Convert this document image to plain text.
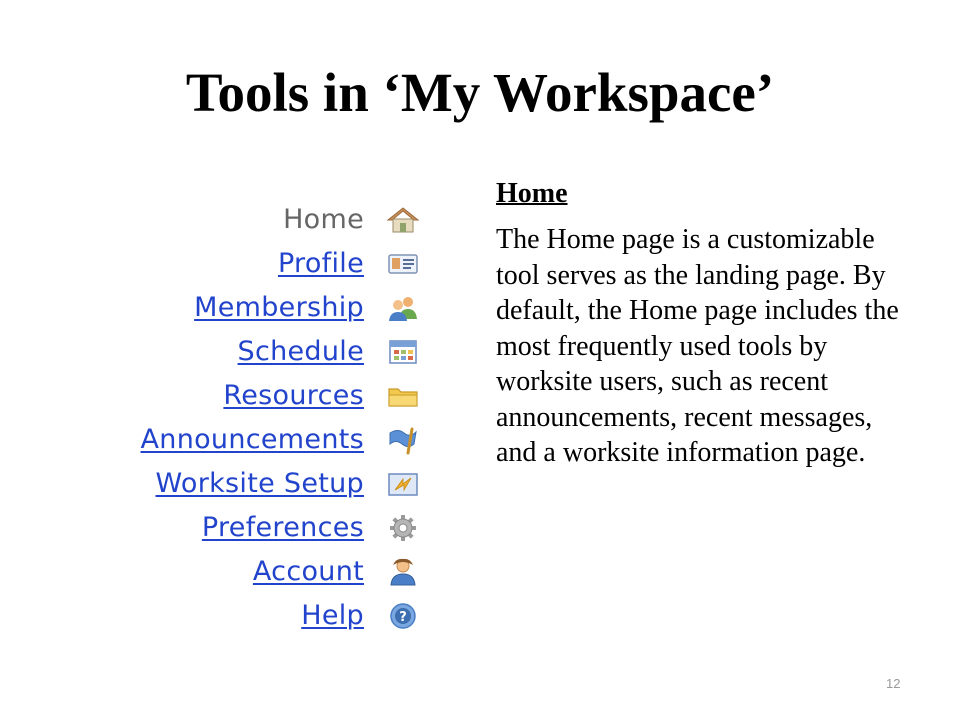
Tools in ‘My Workspace’
Home
Profile
Membership
Schedule
Resources
Announcements
Worksite Setup
Preferences
Account
Help	?

Home

The Home page is a customizable tool serves as the landing page. By default, the Home page includes the most frequently used tools by worksite users, such as recent announcements, recent messages, and a worksite information page.

12
